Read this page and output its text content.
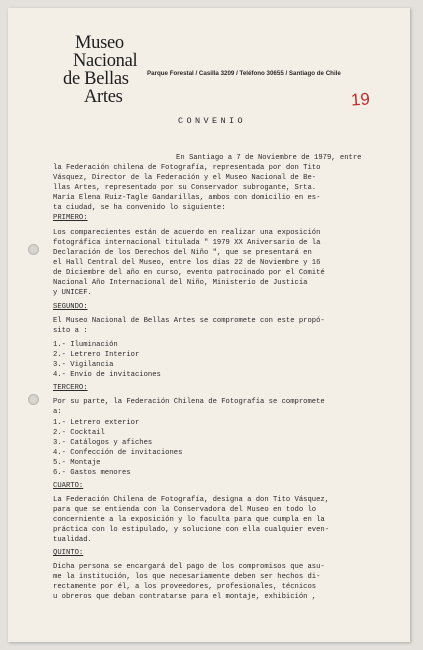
Museo
Nacional
de Bellas
Artes
Parque Forestal / Casilla 3209 / Teléfono 30655 / Santiago de Chile
19
CONVENIO
En Santiago a 7 de Noviembre de 1979, entre
la Federación chilena de Fotografía, representada por don Tito
Vásquez, Director de la Federación y el Museo Nacional de Be-
llas Artes, representado por su Conservador subrogante, Srta.
María Elena Ruiz-Tagle Gandarillas, ambos con domicilio en es-
ta ciudad, se ha convenido lo siguiente:
PRIMERO:
Los comparecientes están de acuerdo en realizar una exposición
fotográfica internacional titulada " 1979 XX Aniversario de la
Declaración de los Derechos del Niño ", que se presentará en
el Hall Central del Museo, entre los días 22 de Noviembre y 16
de Diciembre del año en curso, evento patrocinado por el Comité
Nacional Año Internacional del Niño, Ministerio de Justicia
y UNICEF.
SEGUNDO:
El Museo Nacional de Bellas Artes se compromete con este propó-
sito a :
1.- Iluminación
2.- Letrero Interior
3.- Vigilancia
4.- Envío de invitaciones
TERCERO:
Por su parte, la Federación Chilena de Fotografía se compromete
a:
1.- Letrero exterior
2.- Cocktail
3.- Catálogos y afiches
4.- Confección de invitaciones
5.- Montaje
6.- Gastos menores
CUARTO:
La Federación Chilena de Fotografía, designa a don Tito Vásquez,
para que se entienda con la Conservadora del Museo en todo lo
concerniente a la exposición y lo faculta para que cumpla en la
práctica con lo estipulado, y solucione con ella cualquier even-
tualidad.
QUINTO:
Dicha persona se encargará del pago de los compromisos que asu-
me la institución, los que necesariamente deben ser hechos di-
rectamente por él, a los proveedores, profesionales, técnicos
u obreros que deban contratarse para el montaje, exhibición ,
